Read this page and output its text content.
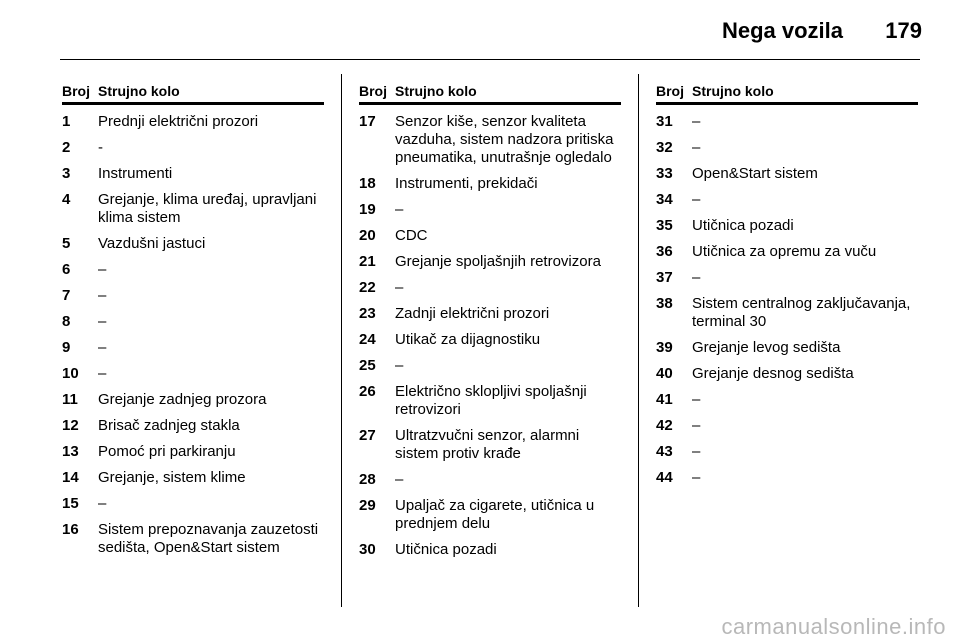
Nega vozila 179
Broj Strujno kolo
1	Prednji električni prozori
2	-
3	Instrumenti
4	Grejanje, klima uređaj, upravljani klima sistem
5	Vazdušni jastuci
6	–
7	–
8	–
9	–
10	–
11	Grejanje zadnjeg prozora
12	Brisač zadnjeg stakla
13	Pomoć pri parkiranju
14	Grejanje, sistem klime
15	–
16	Sistem prepoznavanja zauzetosti sedišta, Open&Start sistem
Broj Strujno kolo
17	Senzor kiše, senzor kvaliteta vazduha, sistem nadzora pritiska pneumatika, unutrašnje ogledalo
18	Instrumenti, prekidači
19	–
20	CDC
21	Grejanje spoljašnjih retrovizora
22	–
23	Zadnji električni prozori
24	Utikač za dijagnostiku
25	–
26	Električno sklopljivi spoljašnji retrovizori
27	Ultratzvučni senzor, alarmni sistem protiv krađe
28	–
29	Upaljač za cigarete, utičnica u prednjem delu
30	Utičnica pozadi
Broj Strujno kolo
31	–
32	–
33	Open&Start sistem
34	–
35	Utičnica pozadi
36	Utičnica za opremu za vuču
37	–
38	Sistem centralnog zaključavanja, terminal 30
39	Grejanje levog sedišta
40	Grejanje desnog sedišta
41	–
42	–
43	–
44	–
carmanualsonline.info
